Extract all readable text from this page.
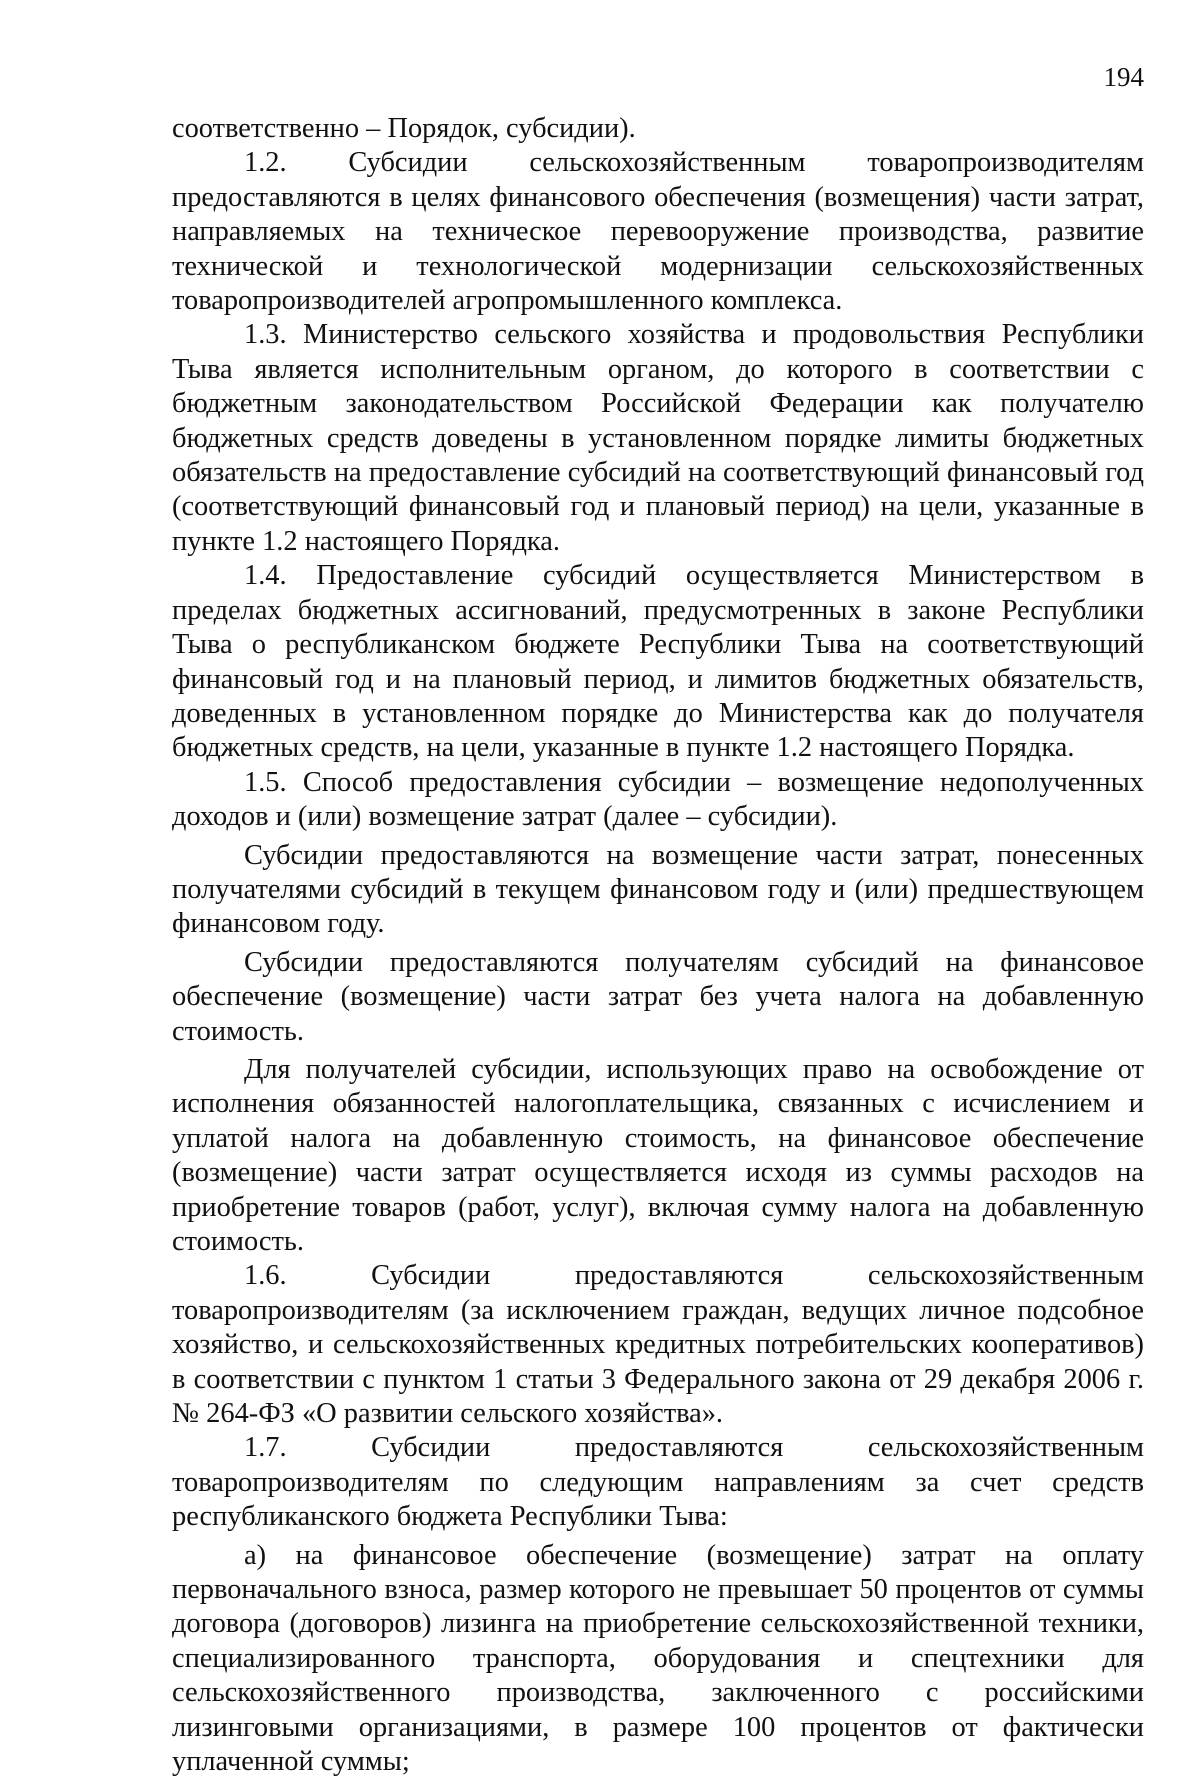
194

соответственно – Порядок, субсидии).

1.2. Субсидии сельскохозяйственным товаропроизводителям предоставляются в целях финансового обеспечения (возмещения) части затрат, направляемых на техническое перевооружение производства, развитие технической и технологической модернизации сельскохозяйственных товаропроизводителей агропромышленного комплекса.

1.3. Министерство сельского хозяйства и продовольствия Республики Тыва является исполнительным органом, до которого в соответствии с бюджетным законодательством Российской Федерации как получателю бюджетных средств доведены в установленном порядке лимиты бюджетных обязательств на предоставление субсидий на соответствующий финансовый год (соответствующий финансовый год и плановый период) на цели, указанные в пункте 1.2 настоящего Порядка.

1.4. Предоставление субсидий осуществляется Министерством в пределах бюджетных ассигнований, предусмотренных в законе Республики Тыва о республиканском бюджете Республики Тыва на соответствующий финансовый год и на плановый период, и лимитов бюджетных обязательств, доведенных в установленном порядке до Министерства как до получателя бюджетных средств, на цели, указанные в пункте 1.2 настоящего Порядка.

1.5. Способ предоставления субсидии – возмещение недополученных доходов и (или) возмещение затрат (далее – субсидии).

Субсидии предоставляются на возмещение части затрат, понесенных получателями субсидий в текущем финансовом году и (или) предшествующем финансовом году.

Субсидии предоставляются получателям субсидий на финансовое обеспечение (возмещение) части затрат без учета налога на добавленную стоимость.

Для получателей субсидии, использующих право на освобождение от исполнения обязанностей налогоплательщика, связанных с исчислением и уплатой налога на добавленную стоимость, на финансовое обеспечение (возмещение) части затрат осуществляется исходя из суммы расходов на приобретение товаров (работ, услуг), включая сумму налога на добавленную стоимость.

1.6. Субсидии предоставляются сельскохозяйственным товаропроизводителям (за исключением граждан, ведущих личное подсобное хозяйство, и сельскохозяйственных кредитных потребительских кооперативов) в соответствии с пунктом 1 статьи 3 Федерального закона от 29 декабря 2006 г. № 264-ФЗ «О развитии сельского хозяйства».

1.7. Субсидии предоставляются сельскохозяйственным товаропроизводителям по следующим направлениям за счет средств республиканского бюджета Республики Тыва:

а) на финансовое обеспечение (возмещение) затрат на оплату первоначального взноса, размер которого не превышает 50 процентов от суммы договора (договоров) лизинга на приобретение сельскохозяйственной техники, специализированного транспорта, оборудования и спецтехники для сельскохозяйственного производства, заключенного с российскими лизинговыми организациями, в размере 100 процентов от фактически уплаченной суммы;
